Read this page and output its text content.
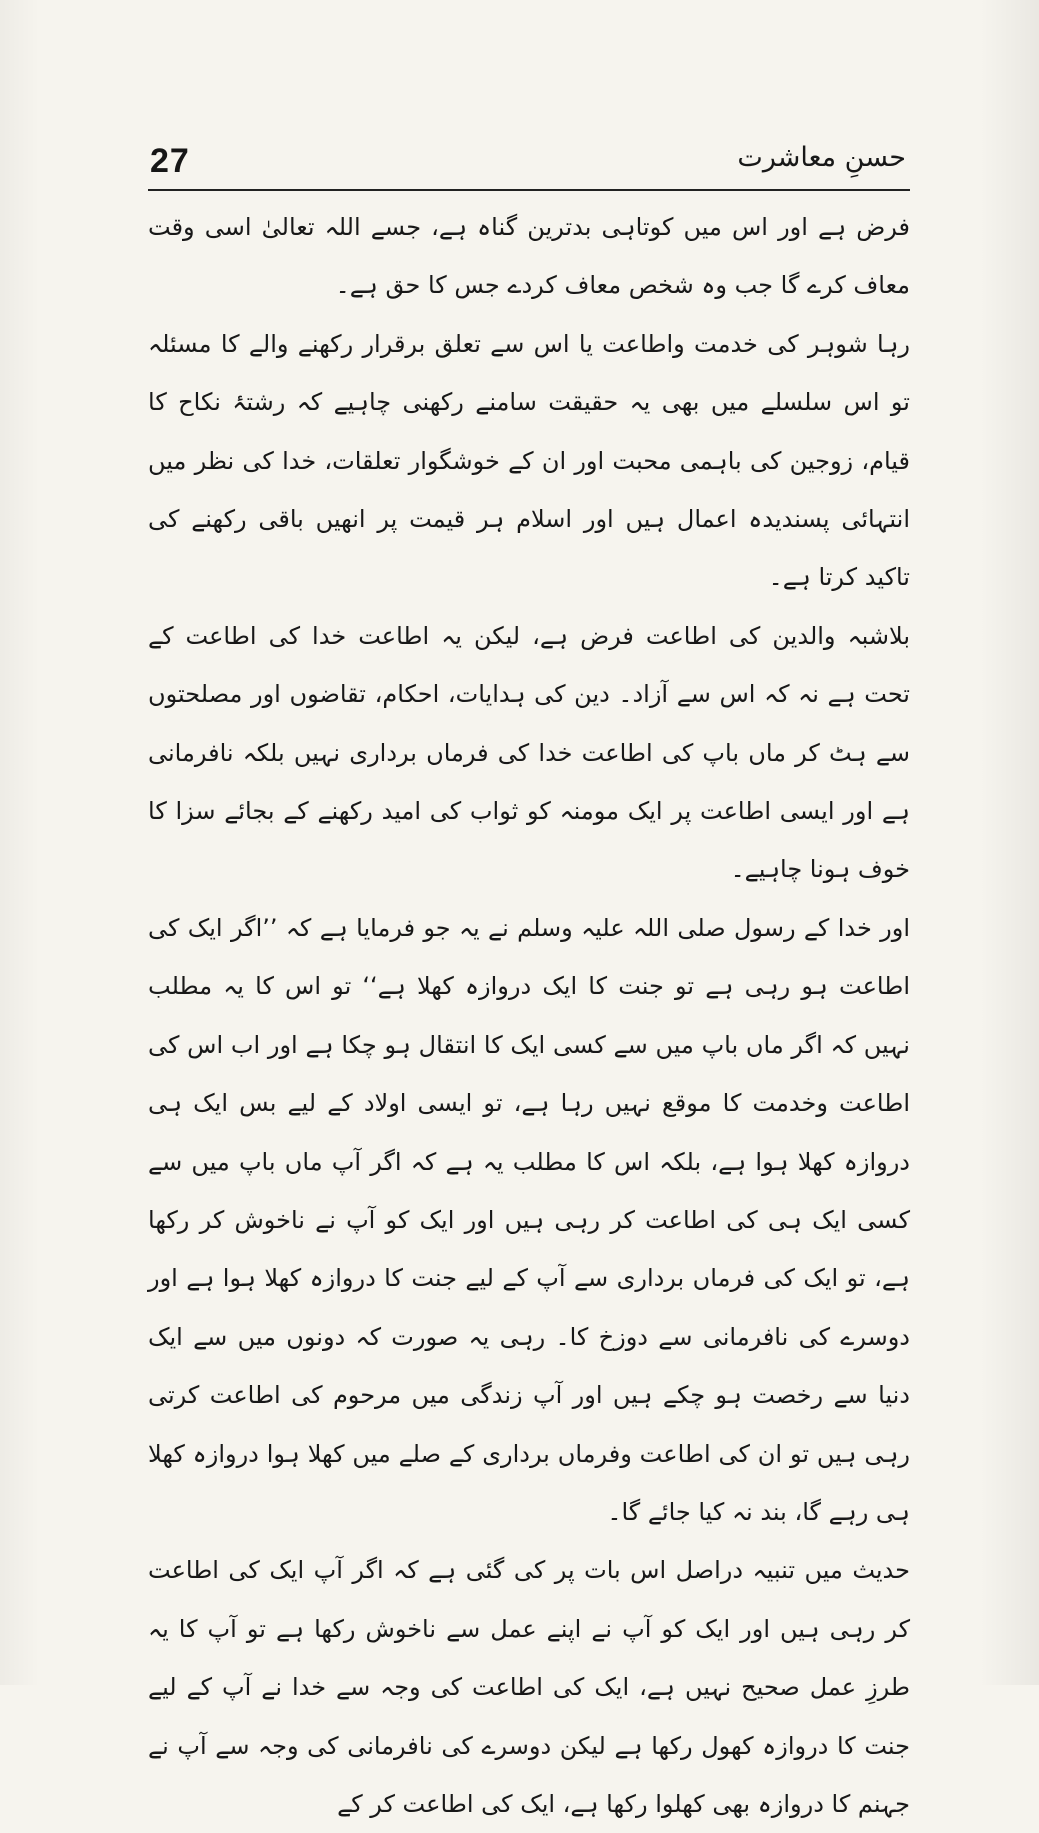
27	حسنِ معاشرت

فرض ہے اور اس میں کوتاہی بدترین گناہ ہے، جسے اللہ تعالیٰ اسی وقت معاف کرے گا جب وہ شخص معاف کردے جس کا حق ہے۔

رہا شوہر کی خدمت واطاعت یا اس سے تعلق برقرار رکھنے والے کا مسئلہ تو اس سلسلے میں بھی یہ حقیقت سامنے رکھنی چاہیے کہ رشتۂ نکاح کا قیام، زوجین کی باہمی محبت اور ان کے خوشگوار تعلقات، خدا کی نظر میں انتہائی پسندیدہ اعمال ہیں اور اسلام ہر قیمت پر انھیں باقی رکھنے کی تاکید کرتا ہے۔

بلاشبہ والدین کی اطاعت فرض ہے، لیکن یہ اطاعت خدا کی اطاعت کے تحت ہے نہ کہ اس سے آزاد۔ دین کی ہدایات، احکام، تقاضوں اور مصلحتوں سے ہٹ کر ماں باپ کی اطاعت خدا کی فرماں برداری نہیں بلکہ نافرمانی ہے اور ایسی اطاعت پر ایک مومنہ کو ثواب کی امید رکھنے کے بجائے سزا کا خوف ہونا چاہیے۔

اور خدا کے رسول صلی اللہ علیہ وسلم نے یہ جو فرمایا ہے کہ ’’اگر ایک کی اطاعت ہو رہی ہے تو جنت کا ایک دروازہ کھلا ہے‘‘ تو اس کا یہ مطلب نہیں کہ اگر ماں باپ میں سے کسی ایک کا انتقال ہو چکا ہے اور اب اس کی اطاعت وخدمت کا موقع نہیں رہا ہے، تو ایسی اولاد کے لیے بس ایک ہی دروازہ کھلا ہوا ہے، بلکہ اس کا مطلب یہ ہے کہ اگر آپ ماں باپ میں سے کسی ایک ہی کی اطاعت کر رہی ہیں اور ایک کو آپ نے ناخوش کر رکھا ہے، تو ایک کی فرماں برداری سے آپ کے لیے جنت کا دروازہ کھلا ہوا ہے اور دوسرے کی نافرمانی سے دوزخ کا۔ رہی یہ صورت کہ دونوں میں سے ایک دنیا سے رخصت ہو چکے ہیں اور آپ زندگی میں مرحوم کی اطاعت کرتی رہی ہیں تو ان کی اطاعت وفرماں برداری کے صلے میں کھلا ہوا دروازہ کھلا ہی رہے گا، بند نہ کیا جائے گا۔

حدیث میں تنبیہ دراصل اس بات پر کی گئی ہے کہ اگر آپ ایک کی اطاعت کر رہی ہیں اور ایک کو آپ نے اپنے عمل سے ناخوش رکھا ہے تو آپ کا یہ طرزِ عمل صحیح نہیں ہے، ایک کی اطاعت کی وجہ سے خدا نے آپ کے لیے جنت کا دروازہ کھول رکھا ہے لیکن دوسرے کی نافرمانی کی وجہ سے آپ نے جہنم کا دروازہ بھی کھلوا رکھا ہے، ایک کی اطاعت کر کے
